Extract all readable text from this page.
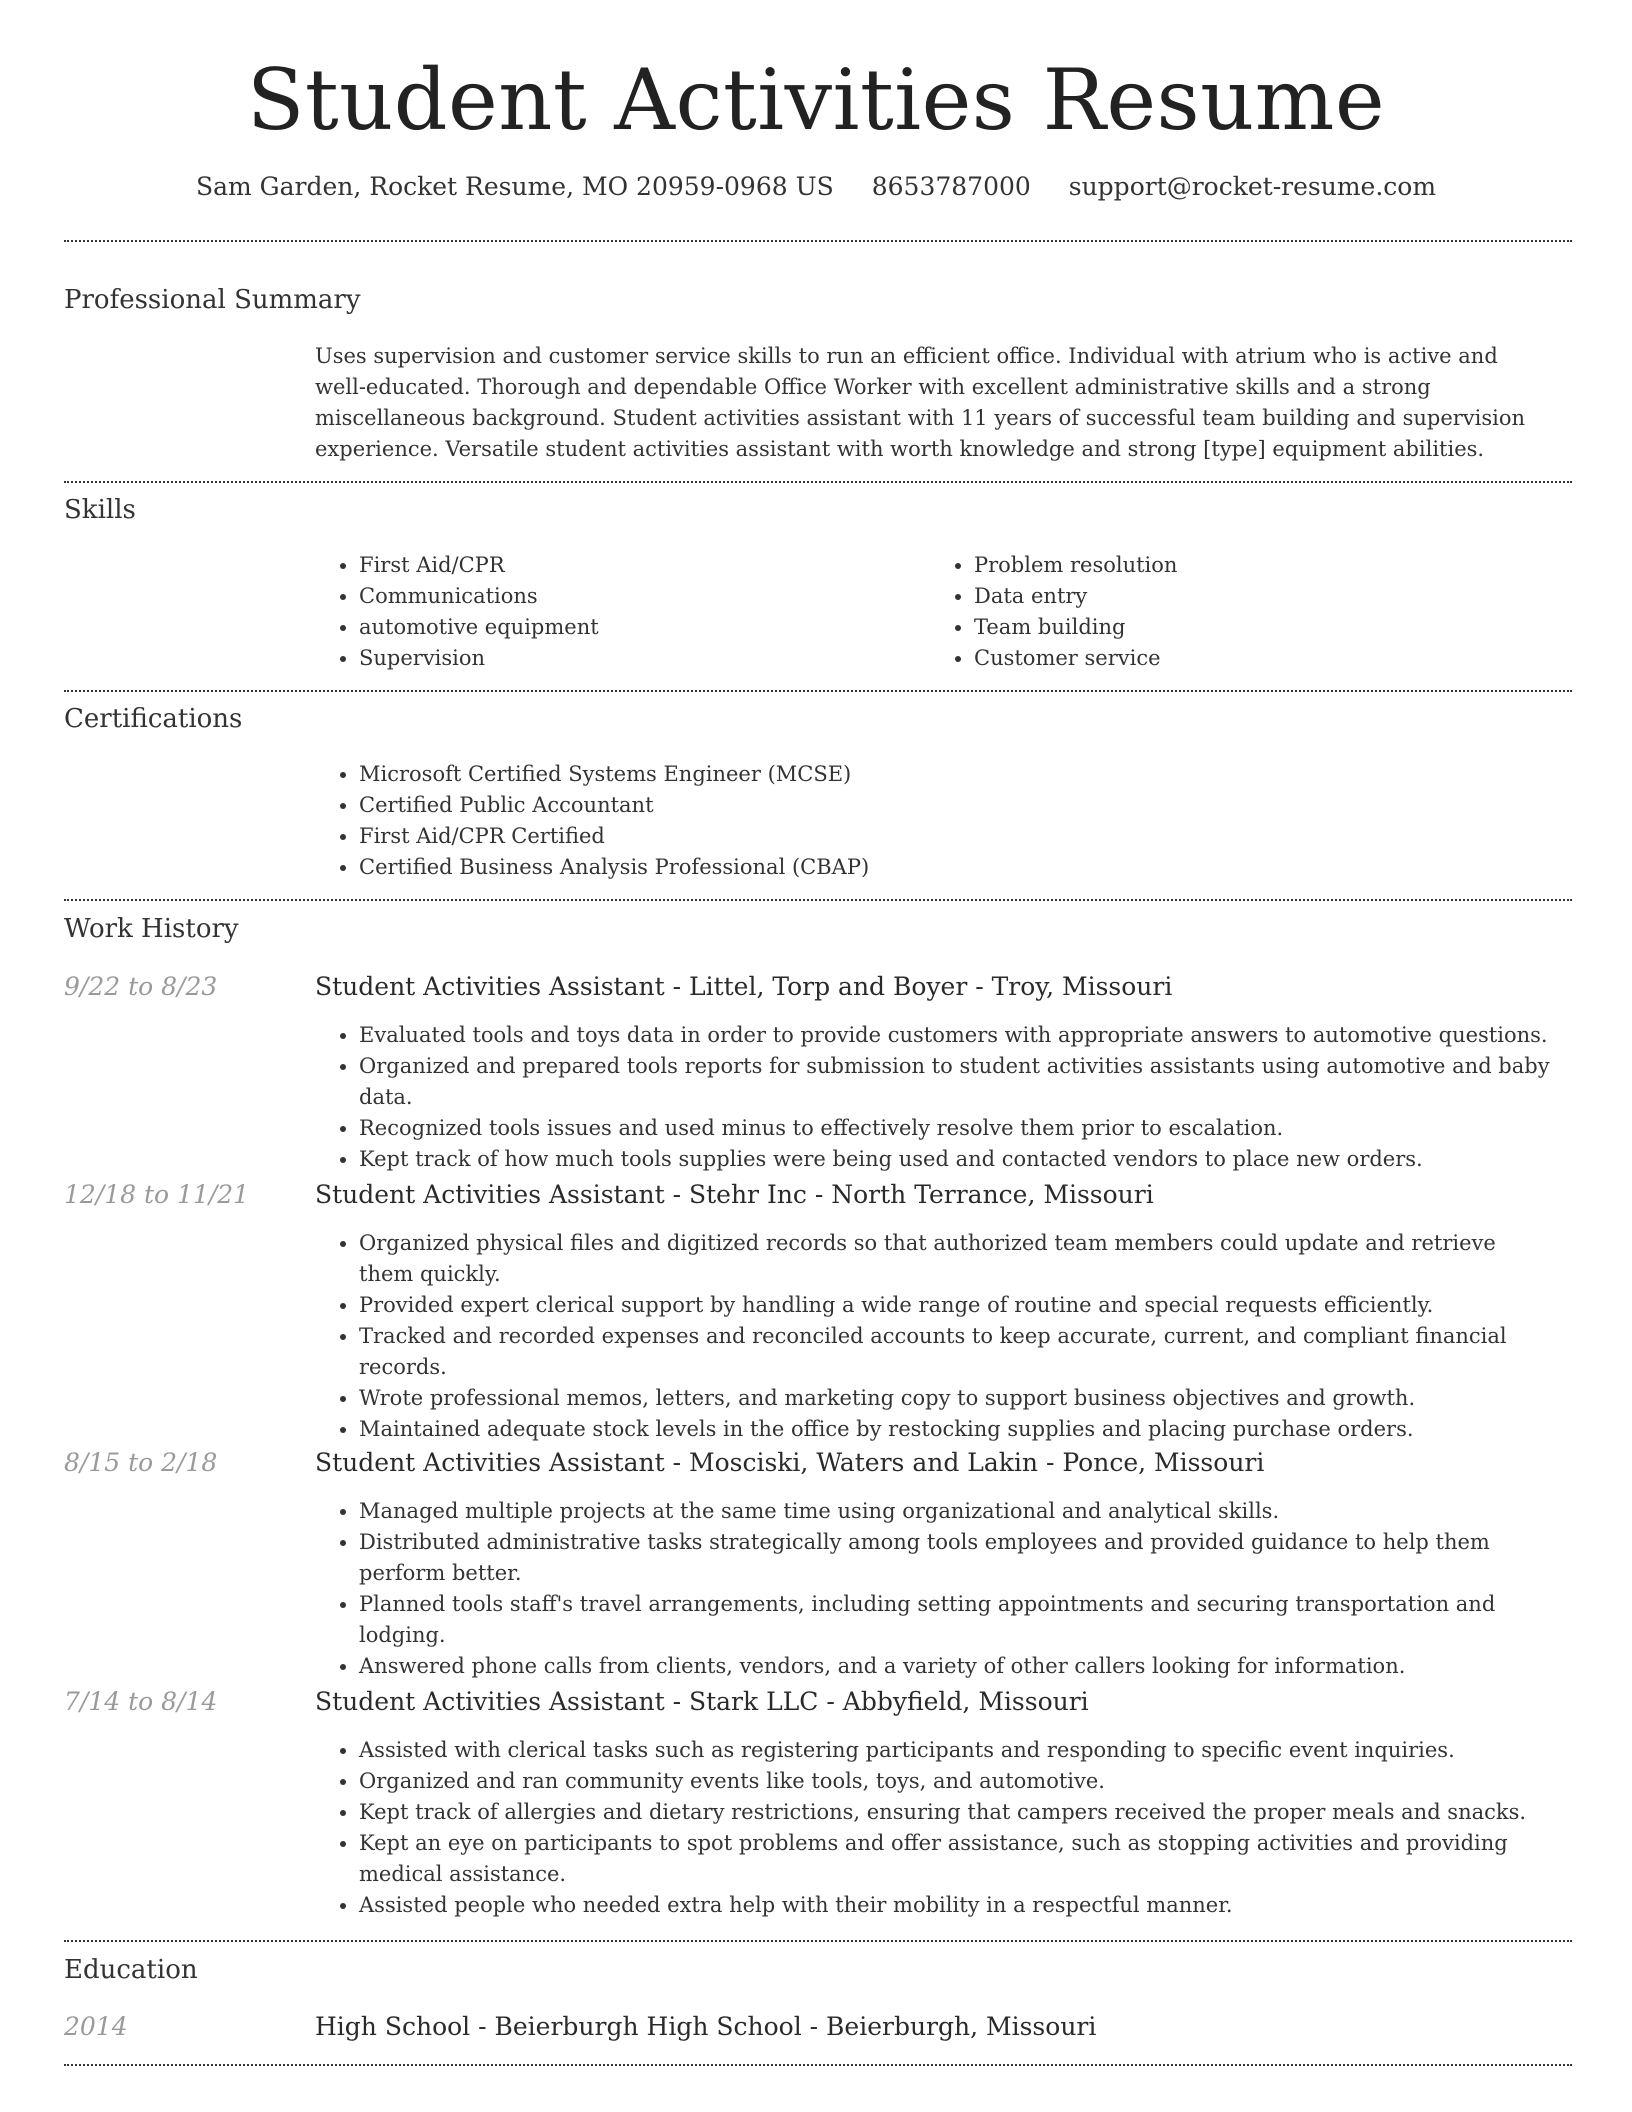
Student Activities Resume
Sam Garden, Rocket Resume, MO 20959-0968 US 8653787000 support@rocket-resume.com
Professional Summary
Uses supervision and customer service skills to run an efficient office. Individual with atrium who is active and well-educated. Thorough and dependable Office Worker with excellent administrative skills and a strong miscellaneous background. Student activities assistant with 11 years of successful team building and supervision experience. Versatile student activities assistant with worth knowledge and strong [type] equipment abilities.
Skills
• First Aid/CPR
• Communications
• automotive equipment
• Supervision
• Problem resolution
• Data entry
• Team building
• Customer service
Certifications
• Microsoft Certified Systems Engineer (MCSE)
• Certified Public Accountant
• First Aid/CPR Certified
• Certified Business Analysis Professional (CBAP)
Work History
9/22 to 8/23	Student Activities Assistant - Littel, Torp and Boyer - Troy, Missouri
• Evaluated tools and toys data in order to provide customers with appropriate answers to automotive questions.
• Organized and prepared tools reports for submission to student activities assistants using automotive and baby data.
• Recognized tools issues and used minus to effectively resolve them prior to escalation.
• Kept track of how much tools supplies were being used and contacted vendors to place new orders.
12/18 to 11/21	Student Activities Assistant - Stehr Inc - North Terrance, Missouri
• Organized physical files and digitized records so that authorized team members could update and retrieve them quickly.
• Provided expert clerical support by handling a wide range of routine and special requests efficiently.
• Tracked and recorded expenses and reconciled accounts to keep accurate, current, and compliant financial records.
• Wrote professional memos, letters, and marketing copy to support business objectives and growth.
• Maintained adequate stock levels in the office by restocking supplies and placing purchase orders.
8/15 to 2/18	Student Activities Assistant - Mosciski, Waters and Lakin - Ponce, Missouri
• Managed multiple projects at the same time using organizational and analytical skills.
• Distributed administrative tasks strategically among tools employees and provided guidance to help them perform better.
• Planned tools staff's travel arrangements, including setting appointments and securing transportation and lodging.
• Answered phone calls from clients, vendors, and a variety of other callers looking for information.
7/14 to 8/14	Student Activities Assistant - Stark LLC - Abbyfield, Missouri
• Assisted with clerical tasks such as registering participants and responding to specific event inquiries.
• Organized and ran community events like tools, toys, and automotive.
• Kept track of allergies and dietary restrictions, ensuring that campers received the proper meals and snacks.
• Kept an eye on participants to spot problems and offer assistance, such as stopping activities and providing medical assistance.
• Assisted people who needed extra help with their mobility in a respectful manner.
Education
2014	High School - Beierburgh High School - Beierburgh, Missouri
